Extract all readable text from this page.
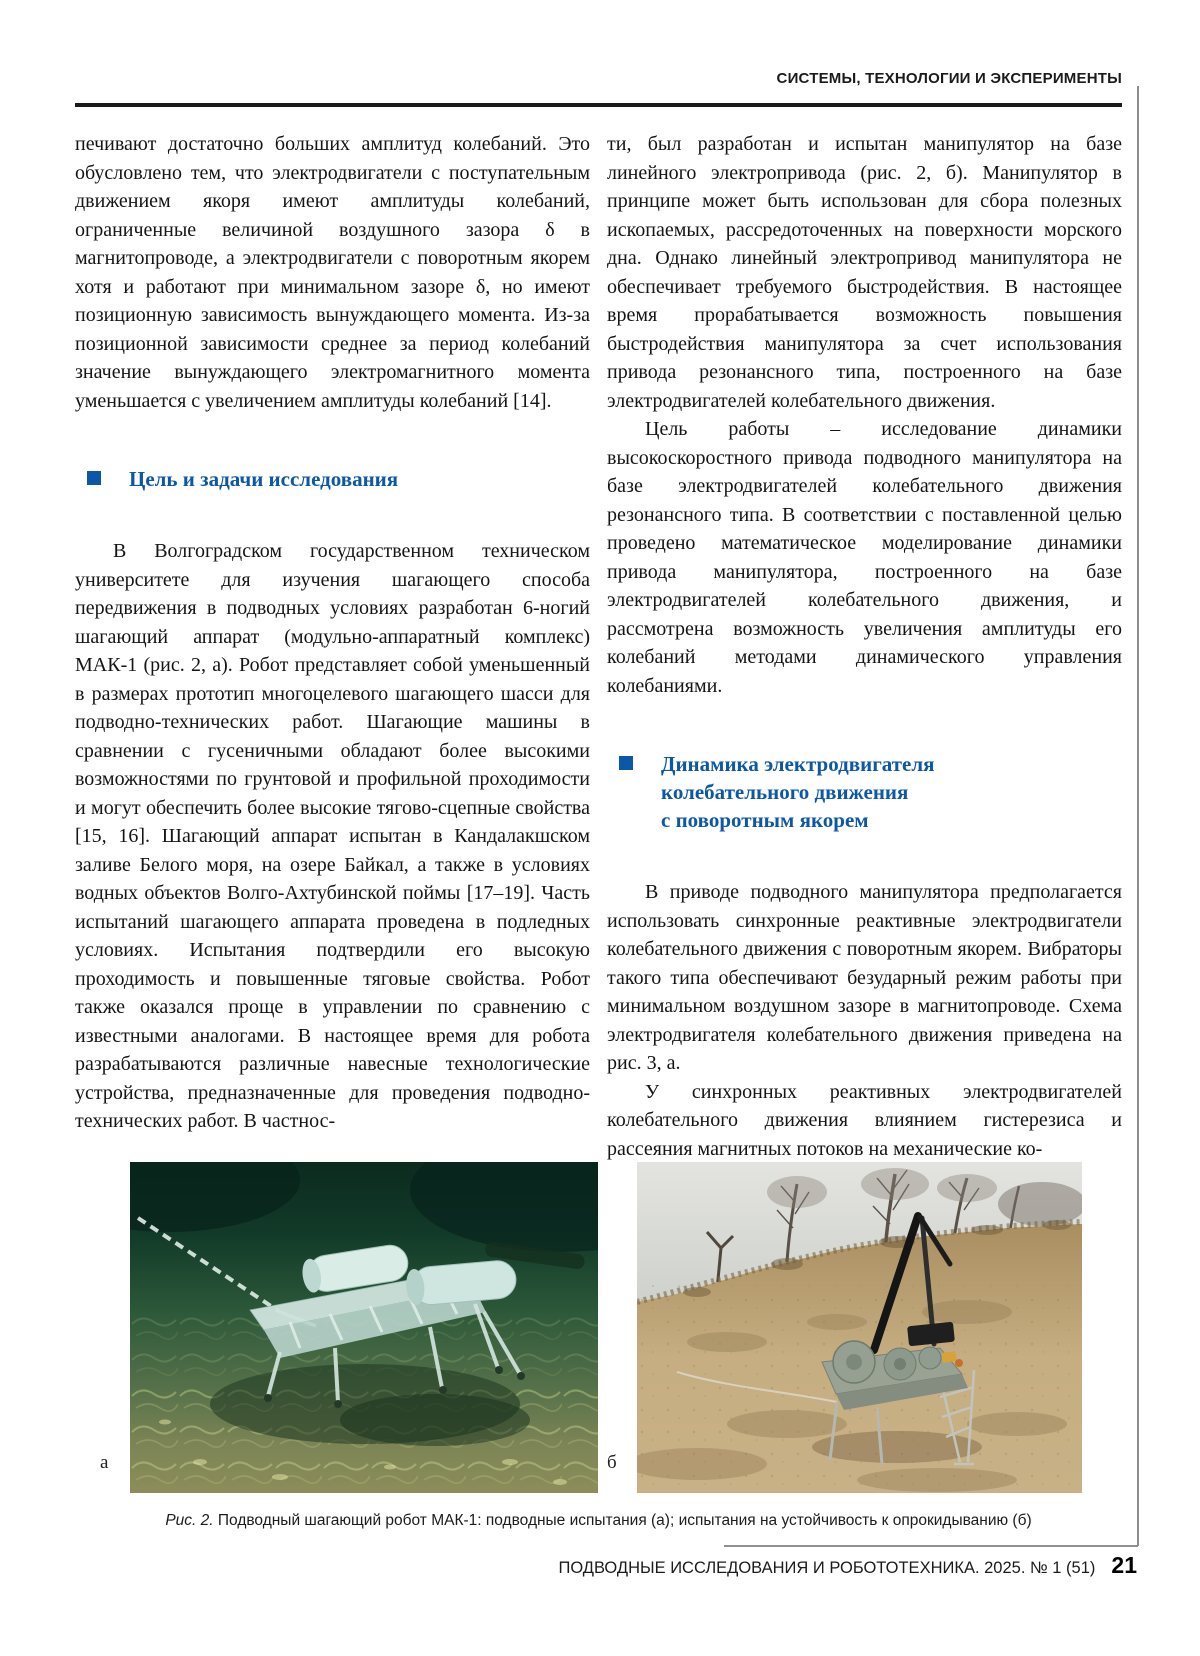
СИСТЕМЫ, ТЕХНОЛОГИИ И ЭКСПЕРИМЕНТЫ

печивают достаточно больших амплитуд колебаний. Это обусловлено тем, что электродвигатели с поступательным движением якоря имеют амплитуды колебаний, ограниченные величиной воздушного зазора δ в магнитопроводе, а электродвигатели с поворотным якорем хотя и работают при минимальном зазоре δ, но имеют позиционную зависимость вынуждающего момента. Из-за позиционной зависимости среднее за период колебаний значение вынуждающего электромагнитного момента уменьшается с увеличением амплитуды колебаний [14].

Цель и задачи исследования

В Волгоградском государственном техническом университете для изучения шагающего способа передвижения в подводных условиях разработан 6-ногий шагающий аппарат (модульно-аппаратный комплекс) МАК-1 (рис. 2, а). Робот представляет собой уменьшенный в размерах прототип многоцелевого шагающего шасси для подводно-технических работ. Шагающие машины в сравнении с гусеничными обладают более высокими возможностями по грунтовой и профильной проходимости и могут обеспечить более высокие тягово-сцепные свойства [15, 16]. Шагающий аппарат испытан в Кандалакшском заливе Белого моря, на озере Байкал, а также в условиях водных объектов Волго-Ахтубинской поймы [17–19]. Часть испытаний шагающего аппарата проведена в подледных условиях. Испытания подтвердили его высокую проходимость и повышенные тяговые свойства. Робот также оказался проще в управлении по сравнению с известными аналогами. В настоящее время для робота разрабатываются различные навесные технологические устройства, предназначенные для проведения подводно-технических работ. В частнос-

ти, был разработан и испытан манипулятор на базе линейного электропривода (рис. 2, б). Манипулятор в принципе может быть использован для сбора полезных ископаемых, рассредоточенных на поверхности морского дна. Однако линейный электропривод манипулятора не обеспечивает требуемого быстродействия. В настоящее время прорабатывается возможность повышения быстродействия манипулятора за счет использования привода резонансного типа, построенного на базе электродвигателей колебательного движения.

Цель работы – исследование динамики высокоскоростного привода подводного манипулятора на базе электродвигателей колебательного движения резонансного типа. В соответствии с поставленной целью проведено математическое моделирование динамики привода манипулятора, построенного на базе электродвигателей колебательного движения, и рассмотрена возможность увеличения амплитуды его колебаний методами динамического управления колебаниями.

Динамика электродвигателя
колебательного движения
с поворотным якорем

В приводе подводного манипулятора предполагается использовать синхронные реактивные электродвигатели колебательного движения с поворотным якорем. Вибраторы такого типа обеспечивают безударный режим работы при минимальном воздушном зазоре в магнитопроводе. Схема электродвигателя колебательного движения приведена на рис. 3, а.

У синхронных реактивных электродвигателей колебательного движения влиянием гистерезиса и рассеяния магнитных потоков на механические ко-

а	б
Рис. 2. Подводный шагающий робот МАК-1: подводные испытания (а); испытания на устойчивость к опрокидыванию (б)
ПОДВОДНЫЕ ИССЛЕДОВАНИЯ И РОБОТОТЕХНИКА. 2025. № 1 (51) 21
